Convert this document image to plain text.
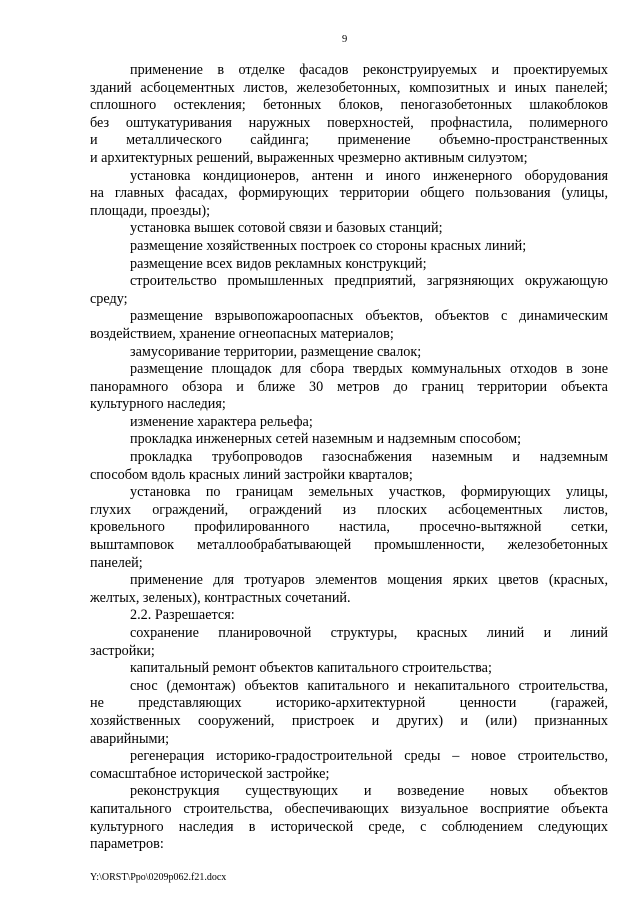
9
применение в отделке фасадов реконструируемых и проектируемых
зданий асбоцементных листов, железобетонных, композитных и иных панелей;
сплошного остекления; бетонных блоков, пеногазобетонных шлакоблоков
без оштукатуривания наружных поверхностей, профнастила, полимерного
и металлического сайдинга; применение объемно-пространственных
и архитектурных решений, выраженных чрезмерно активным силуэтом;
установка кондиционеров, антенн и иного инженерного оборудования
на главных фасадах, формирующих территории общего пользования (улицы,
площади, проезды);
установка вышек сотовой связи и базовых станций;
размещение хозяйственных построек со стороны красных линий;
размещение всех видов рекламных конструкций;
строительство промышленных предприятий, загрязняющих окружающую
среду;
размещение взрывопожароопасных объектов, объектов с динамическим
воздействием, хранение огнеопасных материалов;
замусоривание территории, размещение свалок;
размещение площадок для сбора твердых коммунальных отходов в зоне
панорамного обзора и ближе 30 метров до границ территории объекта
культурного наследия;
изменение характера рельефа;
прокладка инженерных сетей наземным и надземным способом;
прокладка трубопроводов газоснабжения наземным и надземным
способом вдоль красных линий застройки кварталов;
установка по границам земельных участков, формирующих улицы,
глухих ограждений, ограждений из плоских асбоцементных листов,
кровельного профилированного настила, просечно-вытяжной сетки,
выштамповок металлообрабатывающей промышленности, железобетонных
панелей;
применение для тротуаров элементов мощения ярких цветов (красных,
желтых, зеленых), контрастных сочетаний.
2.2. Разрешается:
сохранение планировочной структуры, красных линий и линий
застройки;
капитальный ремонт объектов капитального строительства;
снос (демонтаж) объектов капитального и некапитального строительства,
не представляющих историко-архитектурной ценности (гаражей,
хозяйственных сооружений, пристроек и других) и (или) признанных
аварийными;
регенерация историко-градостроительной среды – новое строительство,
сомасштабное исторической застройке;
реконструкция существующих и возведение новых объектов
капитального строительства, обеспечивающих визуальное восприятие объекта
культурного наследия в исторической среде, с соблюдением следующих
параметров:
Y:\ORST\Ppo\0209p062.f21.docx
